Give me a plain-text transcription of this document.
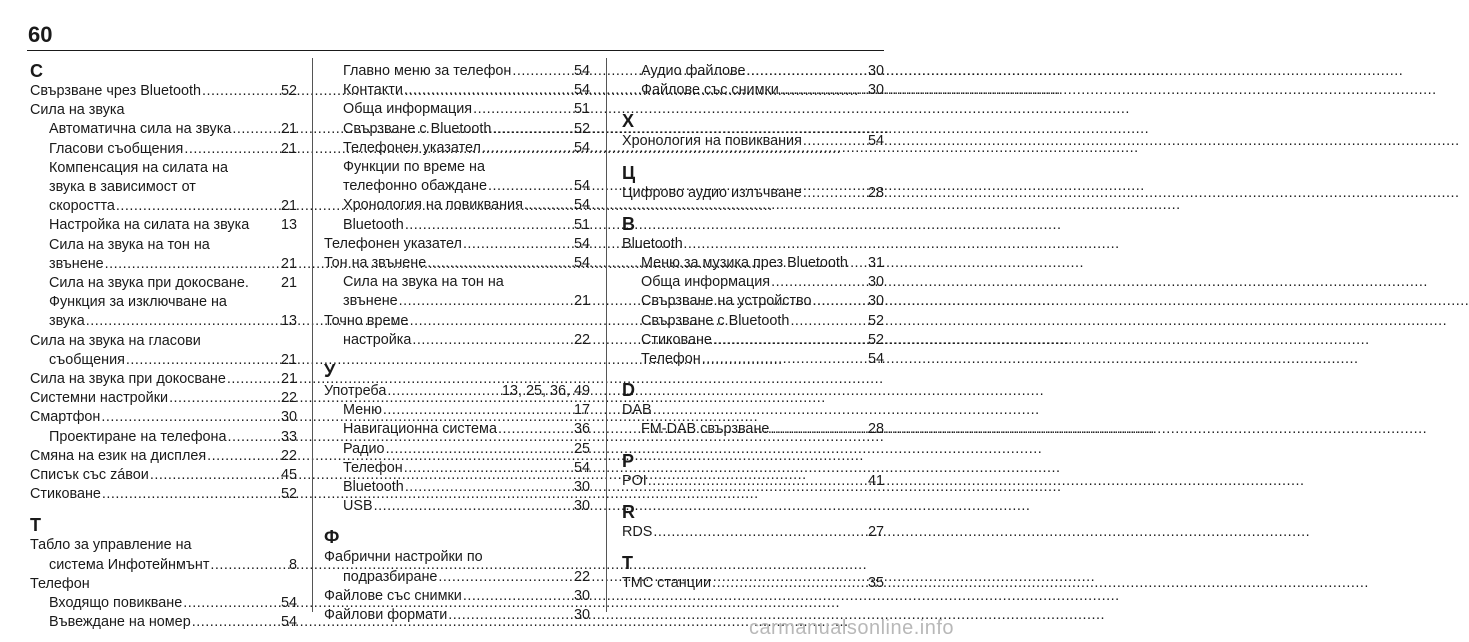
60
С
Свързване чрез Bluetooth .....	52
Сила на звука
Автоматична сила на звука .....	21
Гласови съобщения .....	21
Компенсация на силата на
звука в зависимост от
скоростта .....	21
Настройка на силата на звука 13
Сила на звука на тон на
звънене .....	21
Сила на звука при докосване. 21
Функция за изключване на
звука .....	13
Сила на звука на гласови
съобщения .....	21
Сила на звука при докосване .....	21
Системни настройки .....	22
Смартфон .....	30
Проектиране на телефона .....	33
Смяна на език на дисплея .....	22
Списък със záвои .....	45
Стиковане .....	52
Т
Табло за управление на
система Инфотейнмънт .....	8
Телефон
Входящо повикване .....	54
Въвеждане на номер .....	54
Главно меню за телефон .....	54
Контакти .....	54
Обща информация .....	51
Свързване с Bluetooth .....	52
Телефонен указател .....	54
Функции по време на
телефонно обаждане .....	54
Хронология на повиквания .....	54
Bluetooth .....	51
Телефонен указател .....	54
Тон на звънене .....	54
Сила на звука на тон на
звънене .....	21
Точно време
настройка .....	22
У
Употреба .....	13, 25, 36, 49
Меню .....	17
Навигационна система .....	36
Радио .....	25
Телефон .....	54
Bluetooth .....	30
USB .....	30
Ф
Фабрични настройки по
подразбиране .....	22
Файлове със снимки .....	30
Файлови формати .....	30
Аудио файлове .....	30
Файлове със снимки .....	30
Х
Хронология на повиквания .....	54
Ц
Цифрово аудио излъчване .....	28
B
Bluetooth
Меню за музика през Bluetooth 31
Обща информация .....	30
Свързване на устройство .....	30
Свързване с Bluetooth .....	52
Стиковане .....	52
Телефон .....	54
D
DAB
FM-DAB свързване .....	28
P
POI .....	41
R
RDS .....	27
T
TMC станции .....	35
carmanualsonline.info
